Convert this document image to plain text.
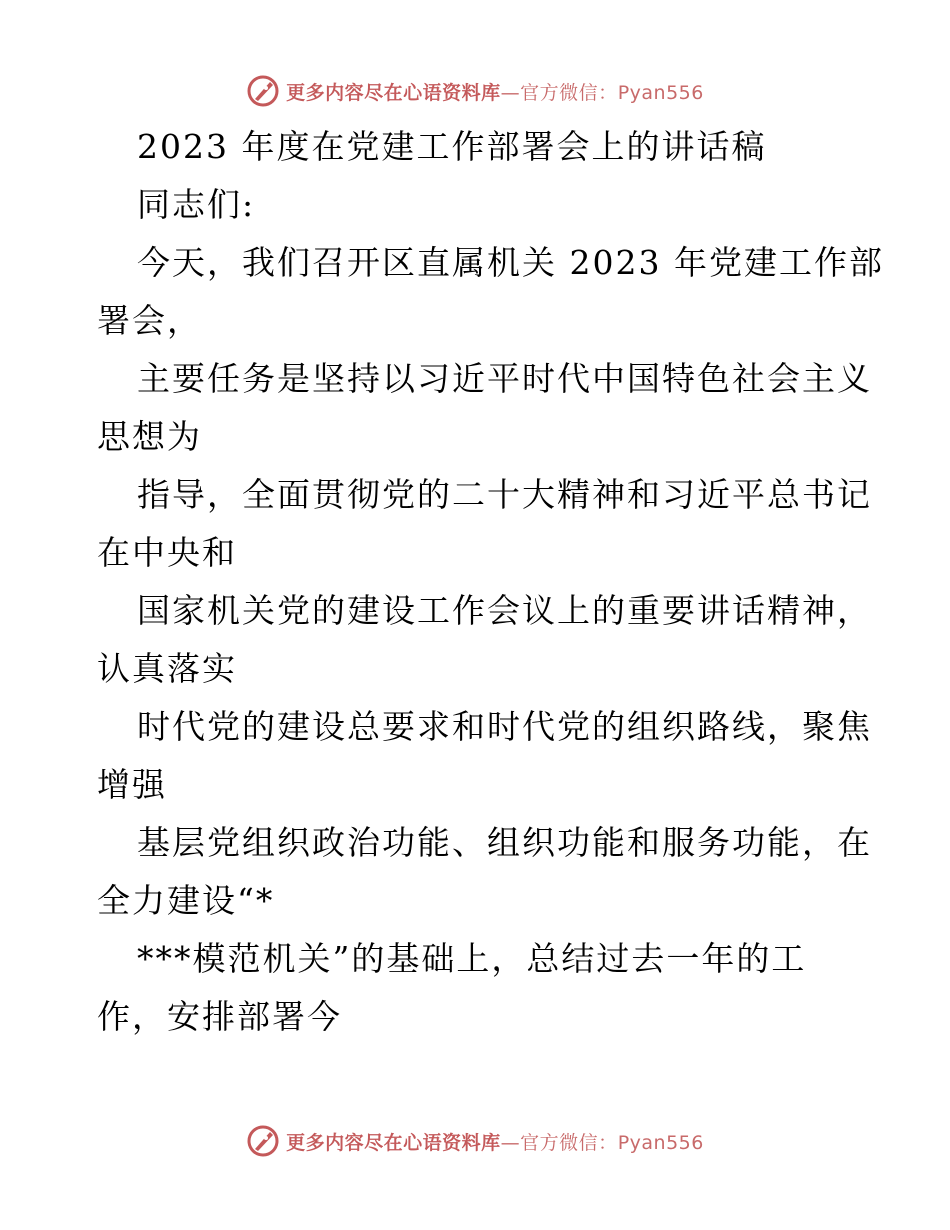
更多内容尽在心语资料库—官方微信：Pyan556
2023 年度在党建工作部署会上的讲话稿
同志们:
今天，我们召开区直属机关 2023 年党建工作部
署会，
主要任务是坚持以习近平时代中国特色社会主义
思想为
指导，全面贯彻党的二十大精神和习近平总书记
在中央和
国家机关党的建设工作会议上的重要讲话精神，
认真落实
时代党的建设总要求和时代党的组织路线，聚焦
增强
基层党组织政治功能、组织功能和服务功能，在
全力建设“*
***模范机关”的基础上，总结过去一年的工
作，安排部署今
更多内容尽在心语资料库—官方微信：Pyan556
